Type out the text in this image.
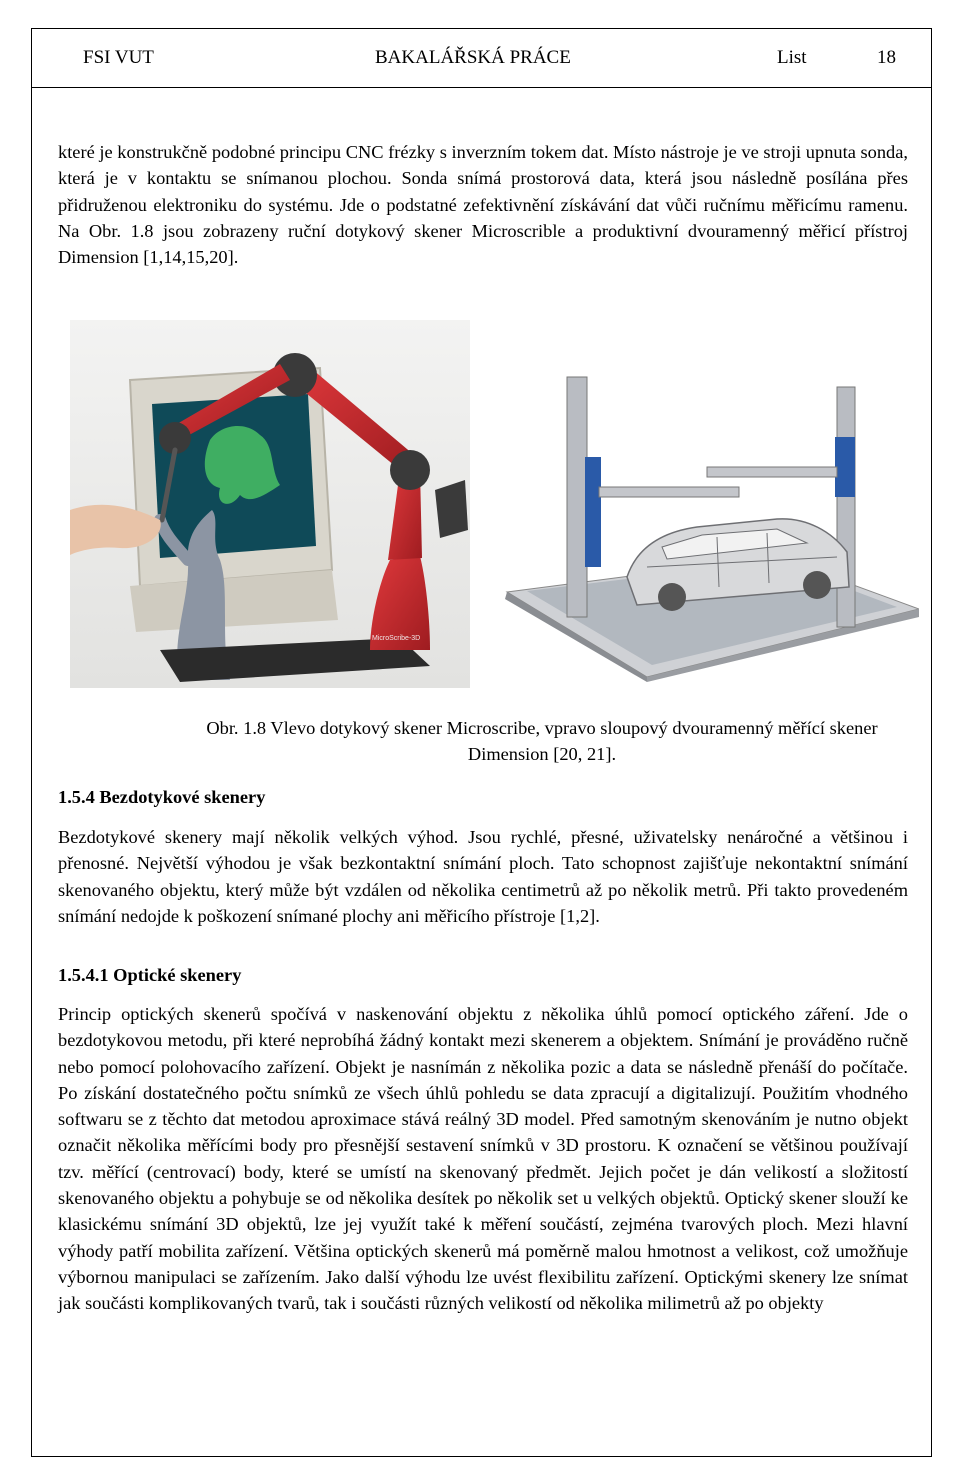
FSI VUT	BAKALÁŘSKÁ PRÁCE	List	18

které je konstrukčně podobné principu CNC frézky s inverzním tokem dat. Místo nástroje je ve stroji upnuta sonda, která je v kontaktu se snímanou plochou. Sonda snímá prostorová data, která jsou následně posílána přes přidruženou elektroniku do systému. Jde o podstatné zefektivnění získávání dat vůči ručnímu měřicímu ramenu. Na Obr. 1.8 jsou zobrazeny ruční dotykový skener Microscrible a produktivní dvouramenný měřicí přístroj Dimension [1,14,15,20].

MicroScribe-3D

Obr. 1.8 Vlevo dotykový skener Microscribe, vpravo sloupový dvouramenný měřící skener Dimension [20, 21].

1.5.4 Bezdotykové skenery

Bezdotykové skenery mají několik velkých výhod. Jsou rychlé, přesné, uživatelsky nenáročné a většinou i přenosné. Největší výhodou je však bezkontaktní snímání ploch. Tato schopnost zajišťuje nekontaktní snímání skenovaného objektu, který může být vzdálen od několika centimetrů až po několik metrů. Při takto provedeném snímání nedojde k poškození snímané plochy ani měřicího přístroje [1,2].

1.5.4.1 Optické skenery

Princip optických skenerů spočívá v naskenování objektu z několika úhlů pomocí optického záření. Jde o bezdotykovou metodu, při které neprobíhá žádný kontakt mezi skenerem a objektem. Snímání je prováděno ručně nebo pomocí polohovacího zařízení. Objekt je nasnímán z několika pozic a data se následně přenáší do počítače. Po získání dostatečného počtu snímků ze všech úhlů pohledu se data zpracují a digitalizují. Použitím vhodného softwaru se z těchto dat metodou aproximace stává reálný 3D model. Před samotným skenováním je nutno objekt označit několika měřícími body pro přesnější sestavení snímků v 3D prostoru. K označení se většinou používají tzv. měřící (centrovací) body, které se umístí na skenovaný předmět. Jejich počet je dán velikostí a složitostí skenovaného objektu a pohybuje se od několika desítek po několik set u velkých objektů. Optický skener slouží ke klasickému snímání 3D objektů, lze jej využít také k měření součástí, zejména tvarových ploch. Mezi hlavní výhody patří mobilita zařízení. Většina optických skenerů má poměrně malou hmotnost a velikost, což umožňuje výbornou manipulaci se zařízením. Jako další výhodu lze uvést flexibilitu zařízení. Optickými skenery lze snímat jak součásti komplikovaných tvarů, tak i součásti různých velikostí od několika milimetrů až po objekty
